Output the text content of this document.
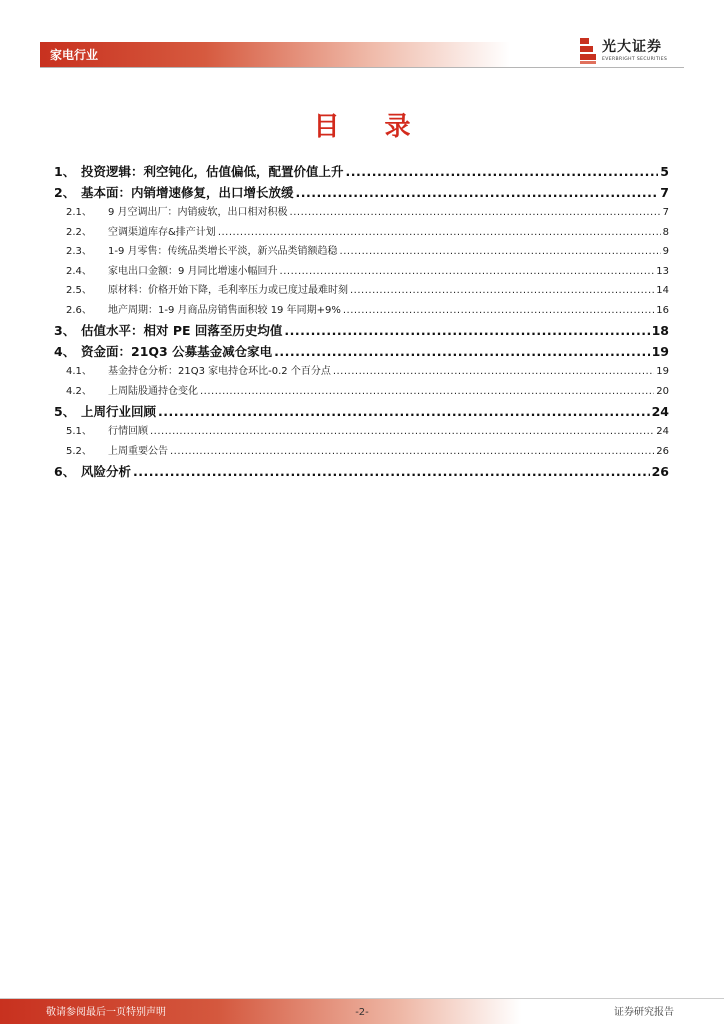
家电行业	光大证券
EVERBRIGHT SECURITIES
目 录
1、 投资逻辑：利空钝化，估值偏低，配置价值上升 .....	5
2、 基本面：内销增速修复，出口增长放缓 .....	7
2.1、	9 月空调出厂：内销疲软，出口相对积极 .....	7
2.2、	空调渠道库存&排产计划 .....	8
2.3、	1-9 月零售：传统品类增长平淡，新兴品类销额趋稳 .....	9
2.4、	家电出口金额：9 月同比增速小幅回升 .....	13
2.5、	原材料：价格开始下降，毛利率压力或已度过最难时刻 .....	14
2.6、	地产周期：1-9 月商品房销售面积较 19 年同期+9% .....	16
3、 估值水平：相对 PE 回落至历史均值 .....	18
4、 资金面：21Q3 公募基金减仓家电 .....	19
4.1、	基金持仓分析：21Q3 家电持仓环比-0.2 个百分点 .....	19
4.2、	上周陆股通持仓变化 .....	20
5、 上周行业回顾 .....	24
5.1、	行情回顾 .....	24
5.2、	上周重要公告 .....	26
6、 风险分析 .....	26
敬请参阅最后一页特别声明	-2-	证券研究报告
